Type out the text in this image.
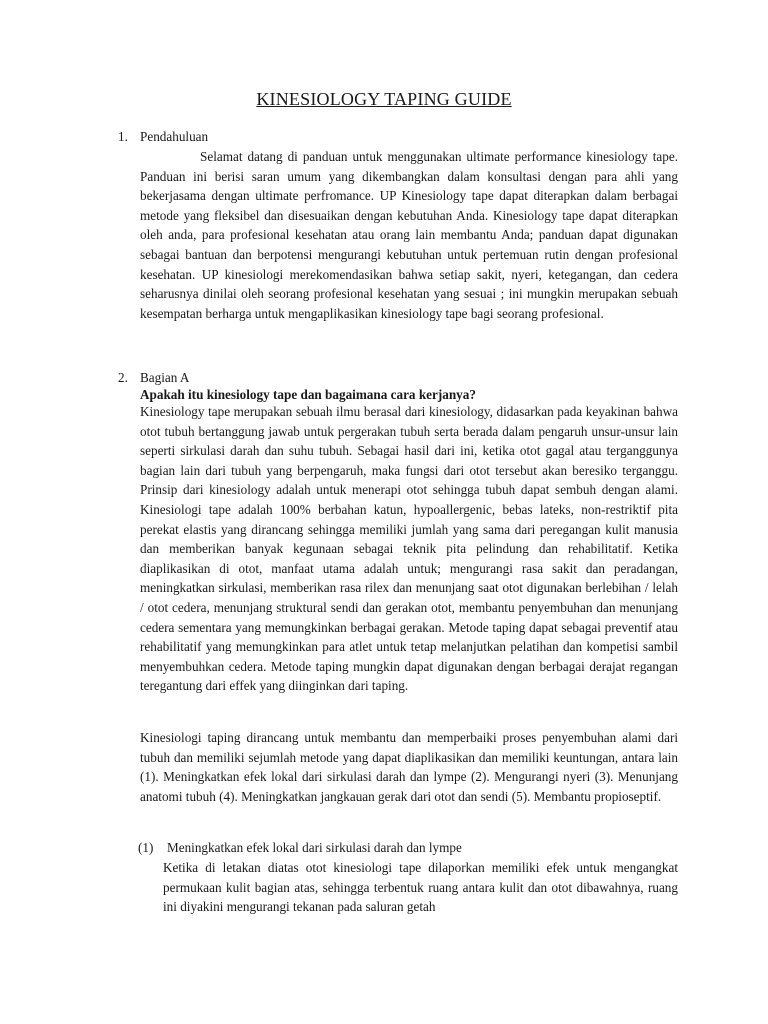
KINESIOLOGY TAPING GUIDE
1. Pendahuluan

Selamat datang di panduan untuk menggunakan ultimate performance kinesiology tape. Panduan ini berisi saran umum yang dikembangkan dalam konsultasi dengan para ahli yang bekerjasama dengan ultimate perfromance. UP Kinesiology tape dapat diterapkan dalam berbagai metode yang fleksibel dan disesuaikan dengan kebutuhan Anda. Kinesiology tape dapat diterapkan oleh anda, para profesional kesehatan atau orang lain membantu Anda; panduan dapat digunakan sebagai bantuan dan berpotensi mengurangi kebutuhan untuk pertemuan rutin dengan profesional kesehatan. UP kinesiologi merekomendasikan bahwa setiap sakit, nyeri, ketegangan, dan cedera seharusnya dinilai oleh seorang profesional kesehatan yang sesuai ; ini mungkin merupakan sebuah kesempatan berharga untuk mengaplikasikan kinesiology tape bagi seorang profesional.

2. Bagian A

Apakah itu kinesiology tape dan bagaimana cara kerjanya?

Kinesiology tape merupakan sebuah ilmu berasal dari kinesiology, didasarkan pada keyakinan bahwa otot tubuh bertanggung jawab untuk pergerakan tubuh serta berada dalam pengaruh unsur-unsur lain seperti sirkulasi darah dan suhu tubuh. Sebagai hasil dari ini, ketika otot gagal atau terganggunya bagian lain dari tubuh yang berpengaruh, maka fungsi dari otot tersebut akan beresiko terganggu. Prinsip dari kinesiology adalah untuk menerapi otot sehingga tubuh dapat sembuh dengan alami. Kinesiologi tape adalah 100% berbahan katun, hypoallergenic, bebas lateks, non-restriktif pita perekat elastis yang dirancang sehingga memiliki jumlah yang sama dari peregangan kulit manusia dan memberikan banyak kegunaan sebagai teknik pita pelindung dan rehabilitatif. Ketika diaplikasikan di otot, manfaat utama adalah untuk; mengurangi rasa sakit dan peradangan, meningkatkan sirkulasi, memberikan rasa rilex dan menunjang saat otot digunakan berlebihan / lelah / otot cedera, menunjang struktural sendi dan gerakan otot, membantu penyembuhan dan menunjang cedera sementara yang memungkinkan berbagai gerakan. Metode taping dapat sebagai preventif atau rehabilitatif yang memungkinkan para atlet untuk tetap melanjutkan pelatihan dan kompetisi sambil menyembuhkan cedera. Metode taping mungkin dapat digunakan dengan berbagai derajat regangan teregantung dari effek yang diinginkan dari taping.

Kinesiologi taping dirancang untuk membantu dan memperbaiki proses penyembuhan alami dari tubuh dan memiliki sejumlah metode yang dapat diaplikasikan dan memiliki keuntungan, antara lain (1). Meningkatkan efek lokal dari sirkulasi darah dan lympe (2). Mengurangi nyeri (3). Menunjang anatomi tubuh (4). Meningkatkan jangkauan gerak dari otot dan sendi (5). Membantu propioseptif.

(1) Meningkatkan efek lokal dari sirkulasi darah dan lympe

Ketika di letakan diatas otot kinesiologi tape dilaporkan memiliki efek untuk mengangkat permukaan kulit bagian atas, sehingga terbentuk ruang antara kulit dan otot dibawahnya, ruang ini diyakini mengurangi tekanan pada saluran getah
